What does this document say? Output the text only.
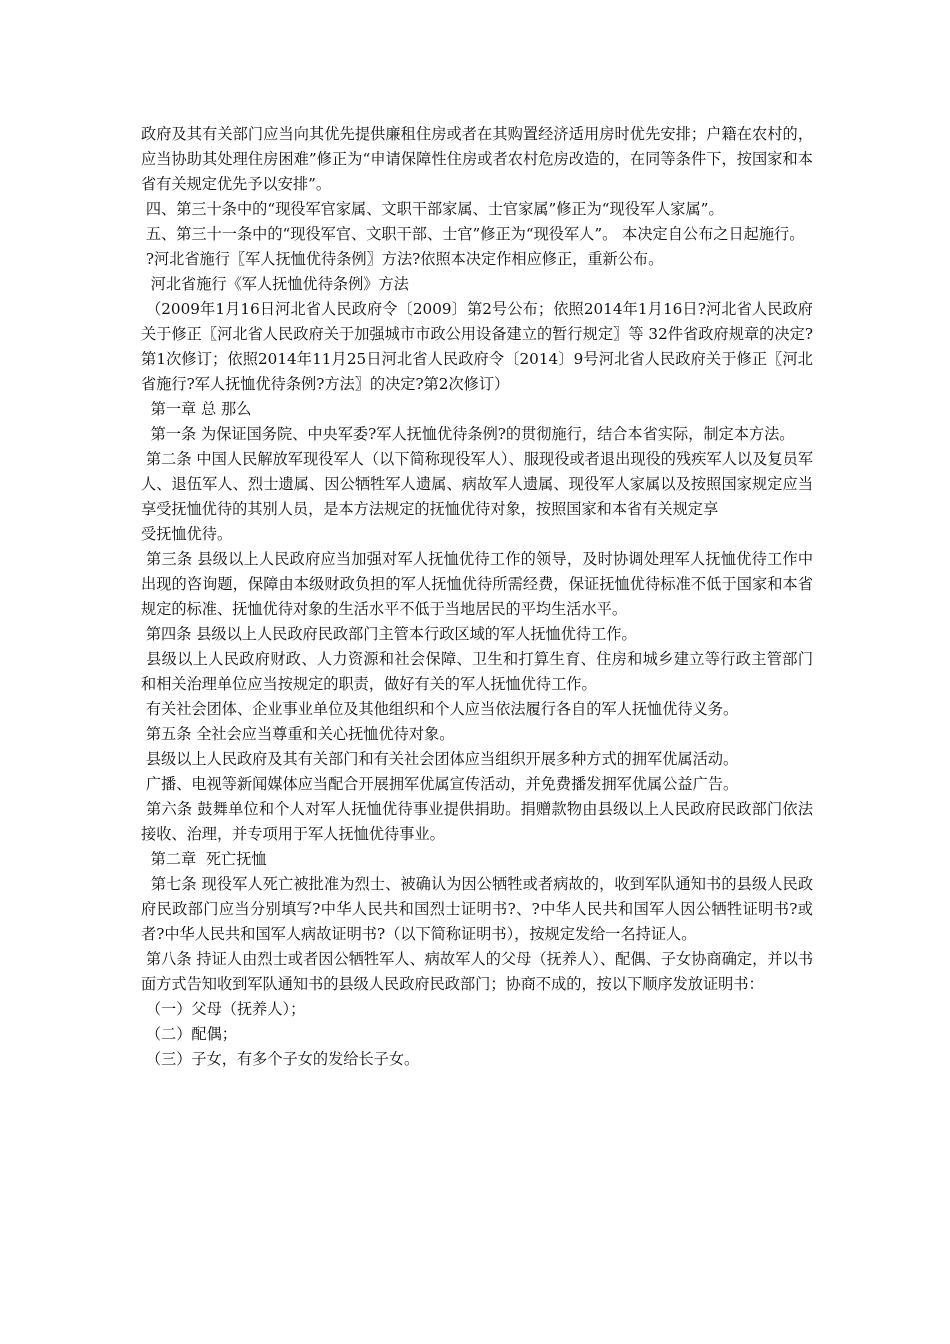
政府及其有关部门应当向其优先提供廉租住房或者在其购置经济适用房时优先安排；户籍在农村的，应当协助其处理住房困难”修正为“申请保障性住房或者农村危房改造的，在同等条件下，按国家和本省有关规定优先予以安排”。

四、第三十条中的“现役军官家属、文职干部家属、士官家属”修正为“现役军人家属”。

五、第三十一条中的“现役军官、文职干部、士官”修正为“现役军人”。 本决定自公布之日起施行。

?河北省施行〖军人抚恤优待条例〗方法?依照本决定作相应修正，重新公布。

河北省施行《军人抚恤优待条例》方法

（2009年1月16日河北省人民政府令〔2009〕第2号公布；依照2014年1月16日?河北省人民政府关于修正〖河北省人民政府关于加强城市市政公用设备建立的暂行规定〗等 32件省政府规章的决定?第1次修订；依照2014年11月25日河北省人民政府令〔2014〕9号河北省人民政府关于修正〖河北省施行?军人抚恤优待条例?方法〗的决定?第2次修订）

第一章 总 那么

第一条 为保证国务院、中央军委?军人抚恤优待条例?的贯彻施行，结合本省实际，制定本方法。

第二条 中国人民解放军现役军人（以下简称现役军人）、服现役或者退出现役的残疾军人以及复员军人、退伍军人、烈士遗属、因公牺牲军人遗属、病故军人遗属、现役军人家属以及按照国家规定应当享受抚恤优待的其别人员，是本方法规定的抚恤优待对象，按照国家和本省有关规定享

受抚恤优待。

第三条 县级以上人民政府应当加强对军人抚恤优待工作的领导，及时协调处理军人抚恤优待工作中出现的咨询题，保障由本级财政负担的军人抚恤优待所需经费，保证抚恤优待标准不低于国家和本省规定的标准、抚恤优待对象的生活水平不低于当地居民的平均生活水平。

第四条 县级以上人民政府民政部门主管本行政区域的军人抚恤优待工作。

县级以上人民政府财政、人力资源和社会保障、卫生和打算生育、住房和城乡建立等行政主管部门和相关治理单位应当按规定的职责，做好有关的军人抚恤优待工作。

有关社会团体、企业事业单位及其他组织和个人应当依法履行各自的军人抚恤优待义务。

第五条 全社会应当尊重和关心抚恤优待对象。

县级以上人民政府及其有关部门和有关社会团体应当组织开展多种方式的拥军优属活动。

广播、电视等新闻媒体应当配合开展拥军优属宣传活动，并免费播发拥军优属公益广告。

第六条 鼓舞单位和个人对军人抚恤优待事业提供捐助。捐赠款物由县级以上人民政府民政部门依法接收、治理，并专项用于军人抚恤优待事业。

第二章  死亡抚恤

第七条 现役军人死亡被批准为烈士、被确认为因公牺牲或者病故的，收到军队通知书的县级人民政府民政部门应当分别填写?中华人民共和国烈士证明书?、?中华人民共和国军人因公牺牲证明书?或者?中华人民共和国军人病故证明书?（以下简称证明书），按规定发给一名持证人。

第八条 持证人由烈士或者因公牺牲军人、病故军人的父母（抚养人）、配偶、子女协商确定，并以书面方式告知收到军队通知书的县级人民政府民政部门；协商不成的，按以下顺序发放证明书：

（一）父母（抚养人）；

（二）配偶；

（三）子女，有多个子女的发给长子女。
